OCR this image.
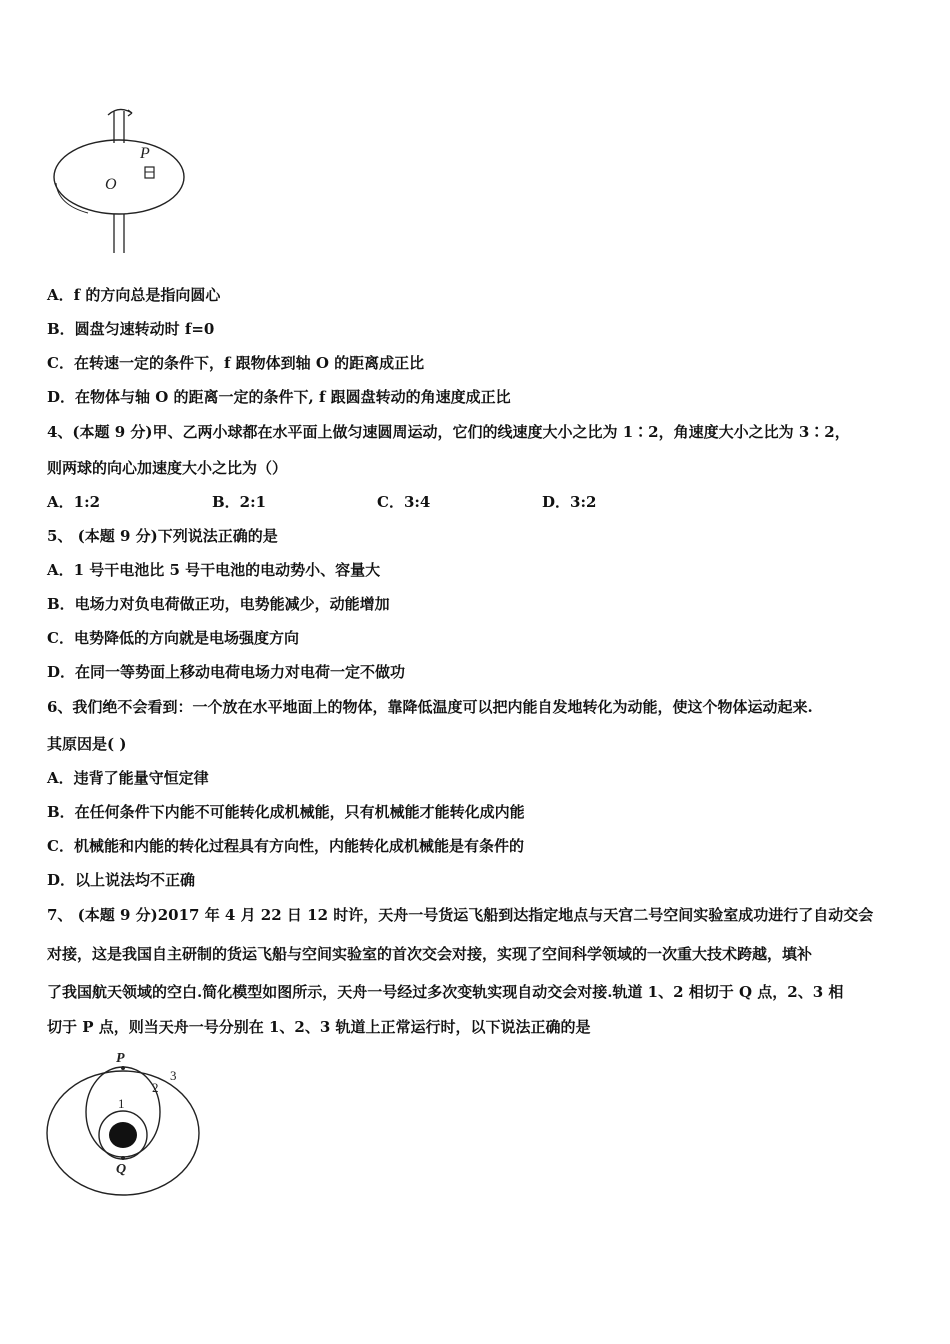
P
O
A．f 的方向总是指向圆心
B．圆盘匀速转动时 f=0
C．在转速一定的条件下，f 跟物体到轴 O 的距离成正比
D．在物体与轴 O 的距离一定的条件下, f 跟圆盘转动的角速度成正比
4、(本题 9 分)甲、乙两小球都在水平面上做匀速圆周运动，它们的线速度大小之比为 1∶2，角速度大小之比为 3∶2，
则两球的向心加速度大小之比为（）
A．1:2	B．2:1	C．3:4	D．3:2
5、 (本题 9 分)下列说法正确的是
A．1 号干电池比 5 号干电池的电动势小、容量大
B．电场力对负电荷做正功，电势能减少，动能增加
C．电势降低的方向就是电场强度方向
D．在同一等势面上移动电荷电场力对电荷一定不做功
6、我们绝不会看到：一个放在水平地面上的物体，靠降低温度可以把内能自发地转化为动能，使这个物体运动起来.
其原因是( )
A．违背了能量守恒定律
B．在任何条件下内能不可能转化成机械能，只有机械能才能转化成内能
C．机械能和内能的转化过程具有方向性，内能转化成机械能是有条件的
D．以上说法均不正确
7、 (本题 9 分)2017 年 4 月 22 日 12 时许，天舟一号货运飞船到达指定地点与天宫二号空间实验室成功进行了自动交会
对接，这是我国自主研制的货运飞船与空间实验室的首次交会对接，实现了空间科学领域的一次重大技术跨越，填补
了我国航天领域的空白.简化模型如图所示，天舟一号经过多次变轨实现自动交会对接.轨道 1、2 相切于 Q 点，2、3 相
切于 P 点，则当天舟一号分别在 1、2、3 轨道上正常运行时，以下说法正确的是
P
Q
1
2
3
